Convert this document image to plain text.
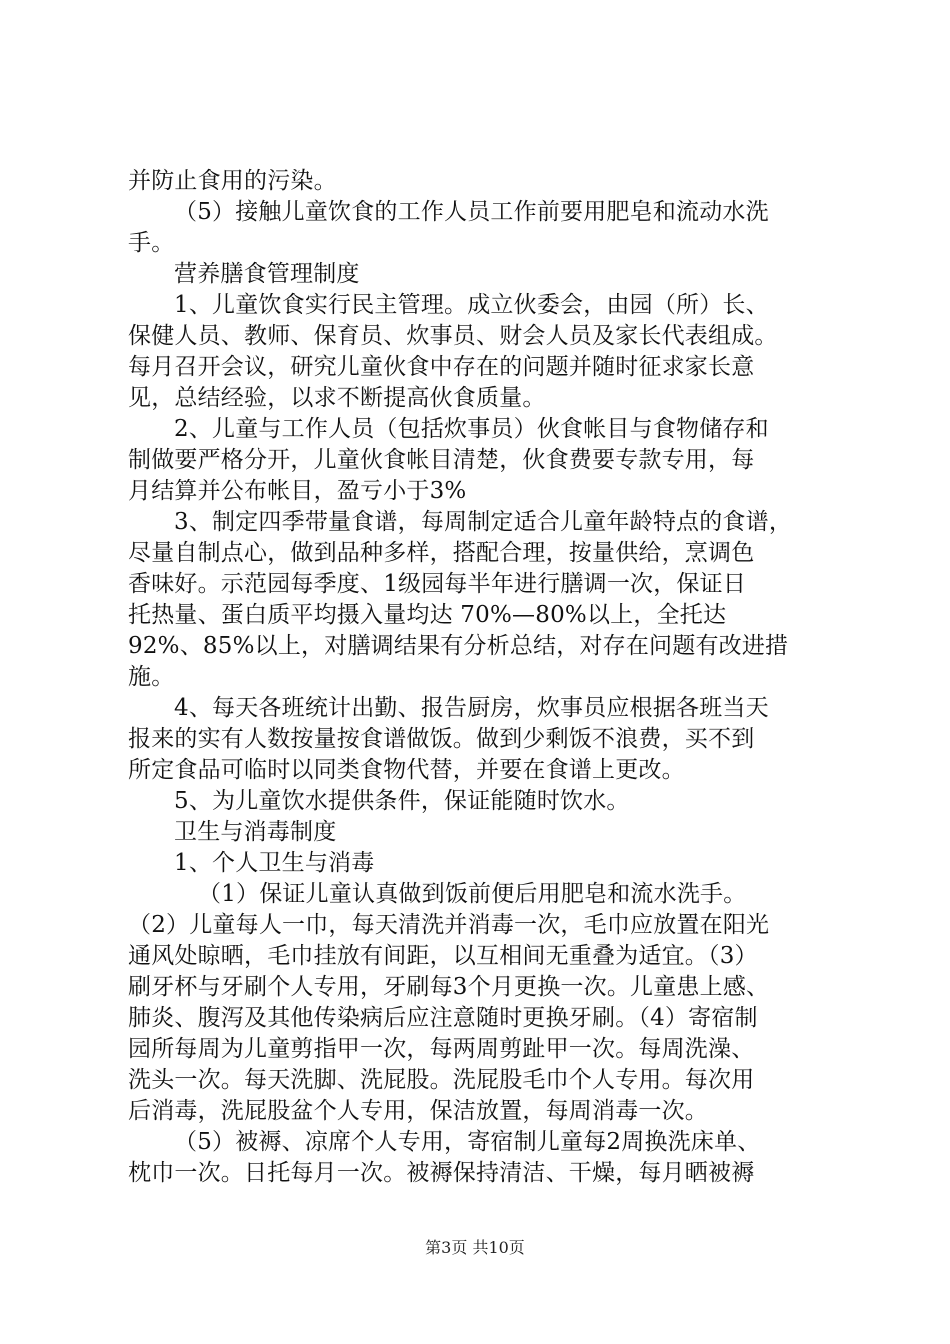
并防止食用的污染。
（5）接触儿童饮食的工作人员工作前要用肥皂和流动水洗
手。
营养膳食管理制度
1、儿童饮食实行民主管理。成立伙委会，由园（所）长、
保健人员、教师、保育员、炊事员、财会人员及家长代表组成。
每月召开会议，研究儿童伙食中存在的问题并随时征求家长意
见，总结经验，以求不断提高伙食质量。
2、儿童与工作人员（包括炊事员）伙食帐目与食物储存和
制做要严格分开，儿童伙食帐目清楚，伙食费要专款专用，每
月结算并公布帐目，盈亏小于3%
3、制定四季带量食谱，每周制定适合儿童年龄特点的食谱，
尽量自制点心，做到品种多样，搭配合理，按量供给，烹调色
香味好。示范园每季度、1级园每半年进行膳调一次，保证日
托热量、蛋白质平均摄入量均达 70%—80%以上，全托达
92%、85%以上，对膳调结果有分析总结，对存在问题有改进措
施。
4、每天各班统计出勤、报告厨房，炊事员应根据各班当天
报来的实有人数按量按食谱做饭。做到少剩饭不浪费，买不到
所定食品可临时以同类食物代替，并要在食谱上更改。
5、为儿童饮水提供条件，保证能随时饮水。
卫生与消毒制度
1、个人卫生与消毒
（1）保证儿童认真做到饭前便后用肥皂和流水洗手。
（2）儿童每人一巾，每天清洗并消毒一次，毛巾应放置在阳光
通风处晾晒，毛巾挂放有间距，以互相间无重叠为适宜。（3）
刷牙杯与牙刷个人专用，牙刷每3个月更换一次。儿童患上感、
肺炎、腹泻及其他传染病后应注意随时更换牙刷。（4）寄宿制
园所每周为儿童剪指甲一次，每两周剪趾甲一次。每周洗澡、
洗头一次。每天洗脚、洗屁股。洗屁股毛巾个人专用。每次用
后消毒，洗屁股盆个人专用，保洁放置，每周消毒一次。
（5）被褥、凉席个人专用，寄宿制儿童每2周换洗床单、
枕巾一次。日托每月一次。被褥保持清洁、干燥，每月晒被褥
第3页 共10页
